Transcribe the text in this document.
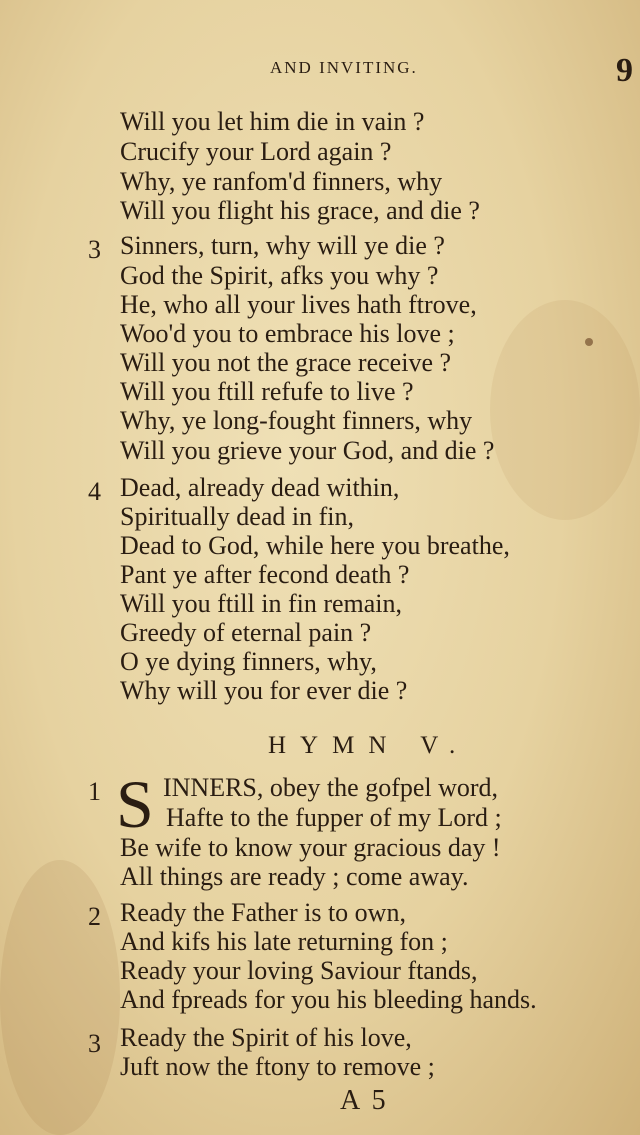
AND INVITING.	9
Will you let him die in vain ?
Crucify your Lord again ?
Why, ye ranfom'd finners, why
Will you flight his grace, and die ?
3 Sinners, turn, why will ye die ?
God the Spirit, afks you why ?
He, who all your lives hath ftrove,
Woo'd you to embrace his love ;
Will you not the grace receive ?
Will you ftill refufe to live ?
Why, ye long-fought finners, why
Will you grieve your God, and die ?
4 Dead, already dead within,
Spiritually dead in fin,
Dead to God, while here you breathe,
Pant ye after fecond death ?
Will you ftill in fin remain,
Greedy of eternal pain ?
O ye dying finners, why,
Why will you for ever die ?
HYMN V.
1 S INNERS, obey the gofpel word,
Hafte to the fupper of my Lord ;
Be wife to know your gracious day !
All things are ready ; come away.
2 Ready the Father is to own,
And kifs his late returning fon ;
Ready your loving Saviour ftands,
And fpreads for you his bleeding hands.
3 Ready the Spirit of his love,
Juft now the ftony to remove ;
A 5
